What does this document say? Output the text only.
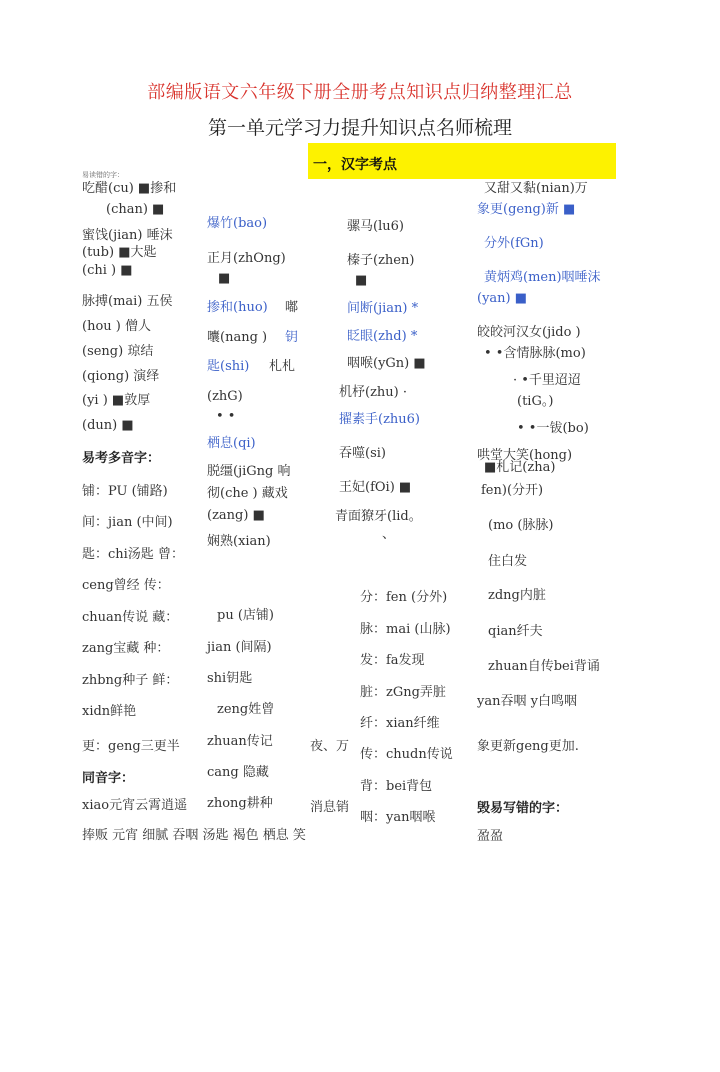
部编版语文六年级下册全册考点知识点归纳整理汇总
第一单元学习力提升知识点名师梳理
一，汉字考点
易读错的字：
吃醋(cu) ■掺和
(chan) ■
蜜饯(jian) 唾沫
(tub) ■大匙
(chi ) ■
脉搏(mai) 五侯
(hou ) 僧人
(seng) 琼结
(qiong) 演绎
(yi ) ■敦厚
(dun) ■
易考多音字：
铺：PU (铺路)
间：jian (中间)
匙：chi汤匙 曾：
ceng曾经 传：
chuan传说 藏：
zang宝藏 种：
zhbng种子 鲜：
xidn鲜艳
更：geng三更半
同音字：
xiao元宵云霄逍遥
捧贩 元宵 细腻 吞咽 汤匙 褐色 栖息 笑
爆竹(bao)
正月(zhOng)
■
掺和(huo) 嘟
囔(nang ) 钥
匙(shi) 札札
(zhG)
• •
栖息(qi)
脱缰(jiGng 响
彻(che ) 藏戏
(zang) ■
娴熟(xian)
pu (店铺)
jian (间隔)
shi钥匙
zeng姓曾
zhuan传记	夜、万
cang 隐藏
zhong耕种	消息销
骡马(lu6)
榛子(zhen)
■
间断(jian) *
眨眼(zhd) *
咽喉(yGn) ■
机杼(zhu) ·
擢素手(zhu6)
吞噬(si)
王妃(fOi) ■
青面獠牙(lid。
、
分：fen (分外)
脉：mai (山脉)
发：fa发现
脏：zGng弄脏
纤：xian纤维
传：chudn传说
背：bei背包
咽：yan咽喉
又甜又黏(nian)万
象更(geng)新 ■
分外(fGn)
黄炳鸡(men)咽唾沫
(yan) ■
皎皎河汉女(jido )
• •含情脉脉(mo)
· •千里迢迢
(tiG。)
• •一钹(bo)
哄堂大笑(hong)
■札记(zha)
fen)(分开)
(mo (脉脉)
住白发
zdng内脏
qian纤夫
zhuan自传bei背诵
yan吞咽 y白鸣咽
象更新geng更加.
毁易写错的字：
盈盈
